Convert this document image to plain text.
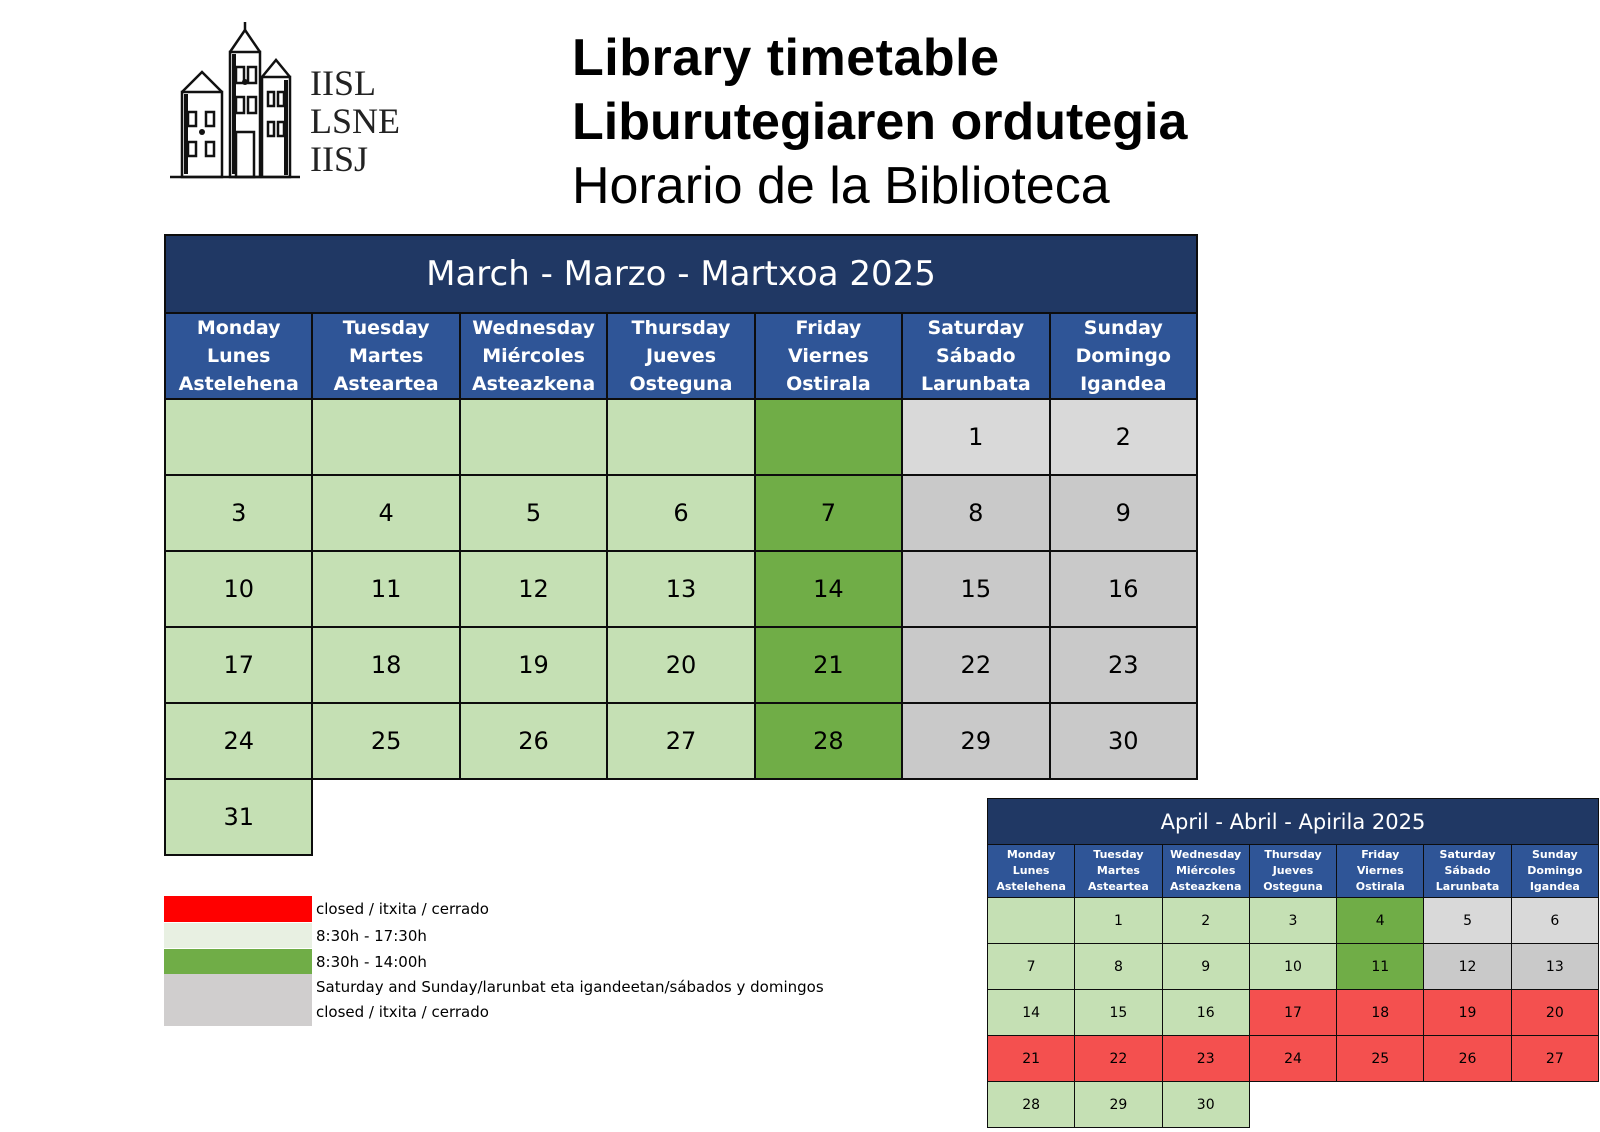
IISL
LSNE
IISJ
Library timetable
Liburutegiaren ordutegia
Horario de la Biblioteca
March - Marzo - Martxoa 2025						

Monday
Lunes
Astelehena	Tuesday
Martes
Asteartea	Wednesday
Miércoles
Asteazkena	Thursday
Jueves
Osteguna	Friday
Viernes
Ostirala	Saturday
Sábado
Larunbata	Sunday
Domingo
Igandea

					1	2
3	4	5	6	7	8	9
10	11	12	13	14	15	16
17	18	19	20	21	22	23
24	25	26	27	28	29	30
31						
closed / itxita / cerrado
8:30h - 17:30h
8:30h - 14:00h
Saturday and Sunday/larunbat eta igandeetan/sábados y domingos
closed / itxita / cerrado
April - Abril - Apirila 2025						

Monday
Lunes
Astelehena	Tuesday
Martes
Asteartea	Wednesday
Miércoles
Asteazkena	Thursday
Jueves
Osteguna	Friday
Viernes
Ostirala	Saturday
Sábado
Larunbata	Sunday
Domingo
Igandea

	1	2	3	4	5	6
7	8	9	10	11	12	13
14	15	16	17	18	19	20
21	22	23	24	25	26	27
28	29	30				
